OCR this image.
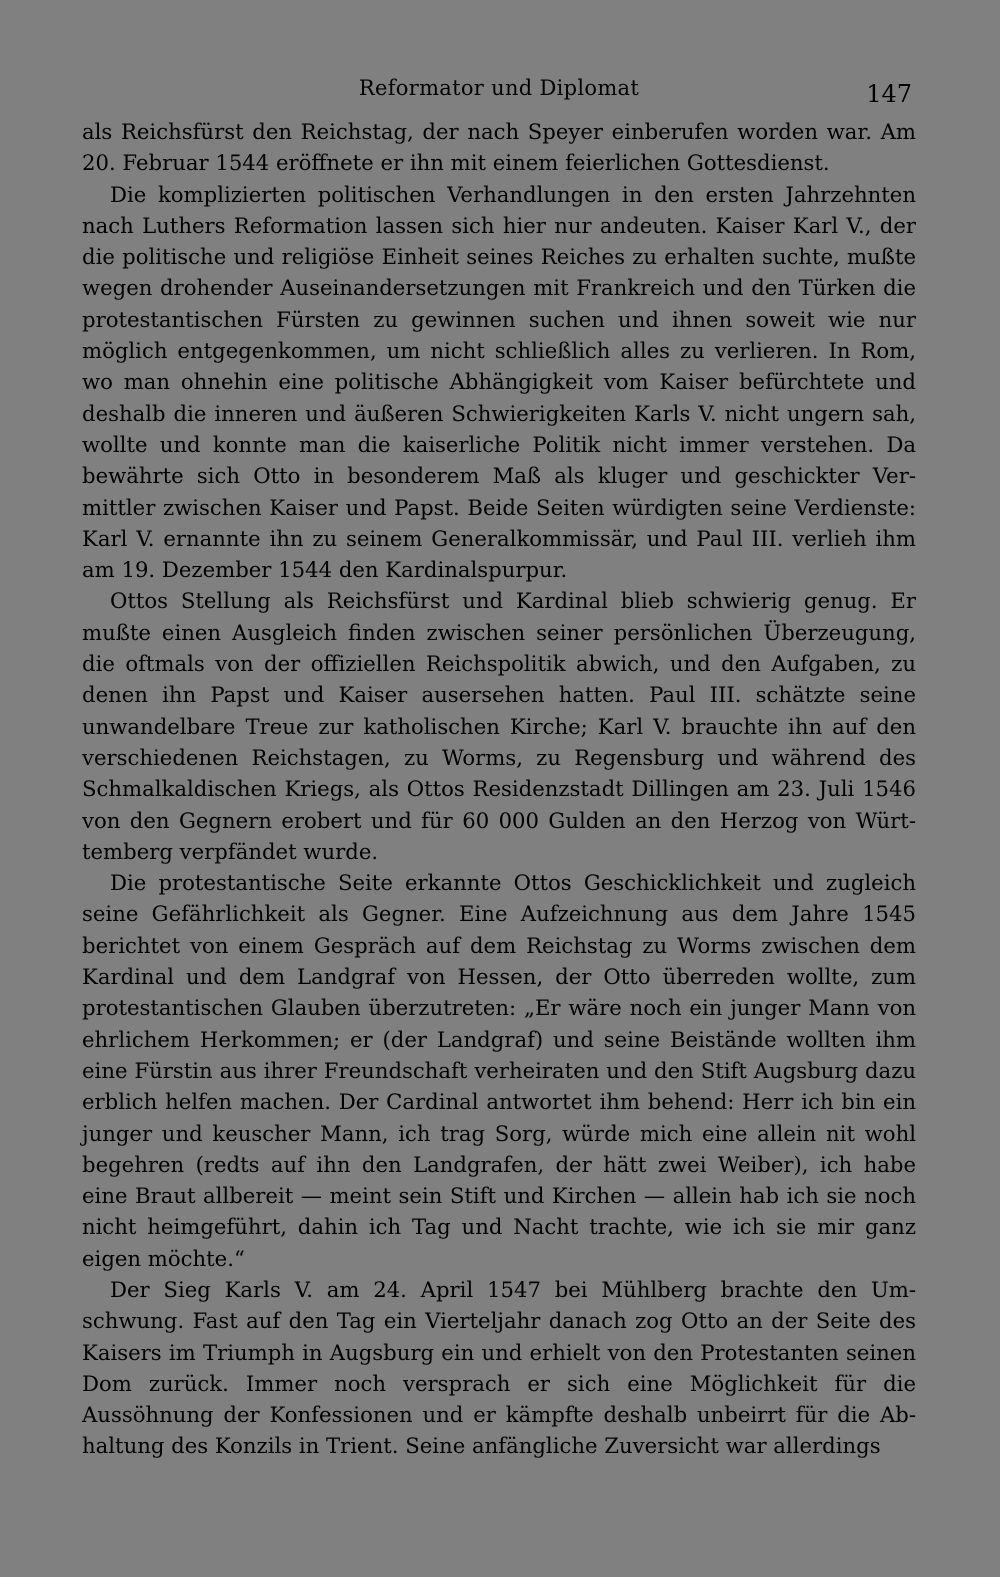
Reformator und Diplomat	147

als Reichsfürst den Reichstag, der nach Speyer einberufen worden war. Am 20. Februar 1544 eröffnete er ihn mit einem feierlichen Gottesdienst.

Die komplizierten politischen Verhandlungen in den ersten Jahrzehnten nach Luthers Reformation lassen sich hier nur andeuten. Kaiser Karl V., der die politische und religiöse Einheit seines Reiches zu erhalten suchte, mußte wegen drohender Auseinandersetzungen mit Frankreich und den Türken die protestantischen Fürsten zu gewinnen suchen und ihnen soweit wie nur möglich entgegenkommen, um nicht schließlich alles zu verlieren. In Rom, wo man ohnehin eine politische Abhängigkeit vom Kaiser befürchtete und deshalb die inneren und äußeren Schwierigkeiten Karls V. nicht ungern sah, wollte und konnte man die kaiserliche Politik nicht immer verstehen. Da bewährte sich Otto in besonderem Maß als kluger und geschickter Vermittler zwischen Kaiser und Papst. Beide Seiten würdigten seine Verdienste: Karl V. ernannte ihn zu seinem Generalkommissär, und Paul III. verlieh ihm am 19. Dezember 1544 den Kardinalspurpur.

Ottos Stellung als Reichsfürst und Kardinal blieb schwierig genug. Er mußte einen Ausgleich finden zwischen seiner persönlichen Überzeugung, die oftmals von der offiziellen Reichspolitik abwich, und den Aufgaben, zu denen ihn Papst und Kaiser ausersehen hatten. Paul III. schätzte seine unwandelbare Treue zur katholischen Kirche; Karl V. brauchte ihn auf den verschiedenen Reichstagen, zu Worms, zu Regensburg und während des Schmalkaldischen Kriegs, als Ottos Residenzstadt Dillingen am 23. Juli 1546 von den Gegnern erobert und für 60 000 Gulden an den Herzog von Württemberg verpfändet wurde.

Die protestantische Seite erkannte Ottos Geschicklichkeit und zugleich seine Gefährlichkeit als Gegner. Eine Aufzeichnung aus dem Jahre 1545 berichtet von einem Gespräch auf dem Reichstag zu Worms zwischen dem Kardinal und dem Landgraf von Hessen, der Otto überreden wollte, zum protestantischen Glauben überzutreten: „Er wäre noch ein junger Mann von ehrlichem Herkommen; er (der Landgraf) und seine Beistände wollten ihm eine Fürstin aus ihrer Freundschaft verheiraten und den Stift Augsburg dazu erblich helfen machen. Der Cardinal antwortet ihm behend: Herr ich bin ein junger und keuscher Mann, ich trag Sorg, würde mich eine allein nit wohl begehren (redts auf ihn den Landgrafen, der hätt zwei Weiber), ich habe eine Braut allbereit — meint sein Stift und Kirchen — allein hab ich sie noch nicht heimgeführt, dahin ich Tag und Nacht trachte, wie ich sie mir ganz eigen möchte.“

Der Sieg Karls V. am 24. April 1547 bei Mühlberg brachte den Umschwung. Fast auf den Tag ein Vierteljahr danach zog Otto an der Seite des Kaisers im Triumph in Augsburg ein und erhielt von den Protestanten seinen Dom zurück. Immer noch versprach er sich eine Möglichkeit für die Aussöhnung der Konfessionen und er kämpfte deshalb unbeirrt für die Abhaltung des Konzils in Trient. Seine anfängliche Zuversicht war allerdings
